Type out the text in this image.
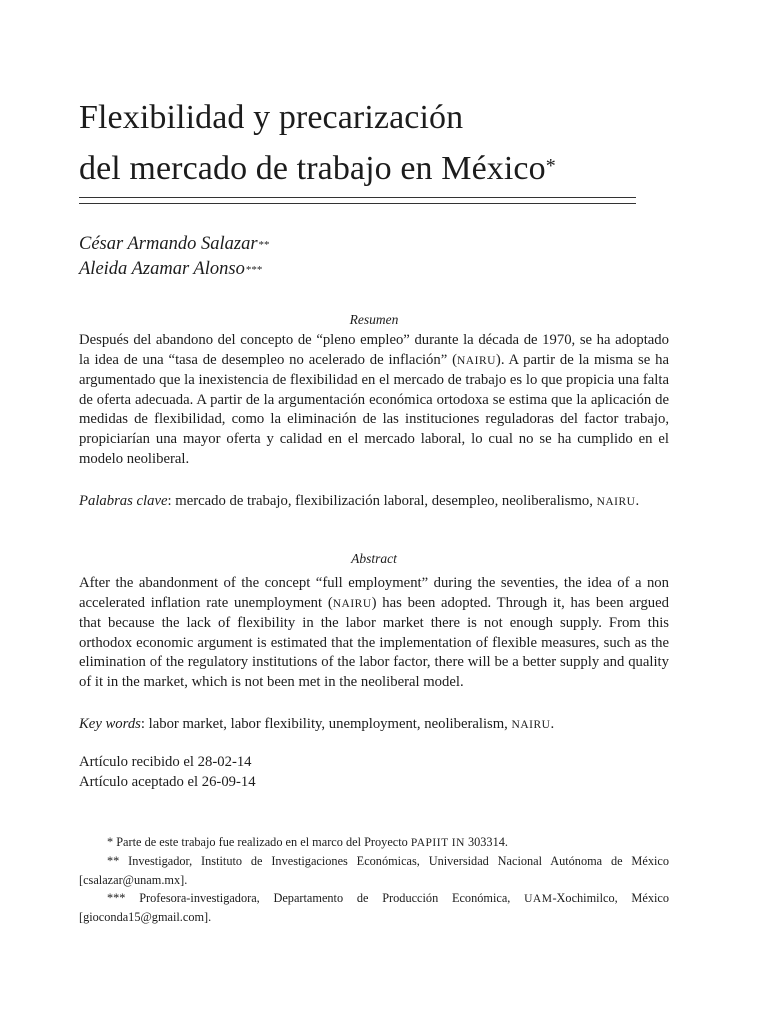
Flexibilidad y precarización
del mercado de trabajo en México*
César Armando Salazar**
Aleida Azamar Alonso***
Resumen

Después del abandono del concepto de “pleno empleo” durante la década de 1970, se ha adoptado la idea de una “tasa de desempleo no acelerado de inflación” (NAIRU). A partir de la misma se ha argumentado que la inexistencia de flexibilidad en el mercado de trabajo es lo que propicia una falta de oferta adecuada. A partir de la argumentación económica ortodoxa se estima que la aplicación de medidas de flexibilidad, como la eliminación de las instituciones reguladoras del factor trabajo, propiciarían una mayor oferta y calidad en el mercado laboral, lo cual no se ha cumplido en el modelo neoliberal.

Palabras clave: mercado de trabajo, flexibilización laboral, desempleo, neoliberalismo, NAIRU.

Abstract

After the abandonment of the concept “full employment” during the seventies, the idea of a non accelerated inflation rate unemployment (NAIRU) has been adopted. Through it, has been argued that because the lack of flexibility in the labor market there is not enough supply. From this orthodox economic argument is estimated that the implementation of flexible measures, such as the elimination of the regulatory institutions of the labor factor, there will be a better supply and quality of it in the market, which is not been met in the neoliberal model.

Key words: labor market, labor flexibility, unemployment, neoliberalism, NAIRU.

Artículo recibido el 28-02-14
Artículo aceptado el 26-09-14

* Parte de este trabajo fue realizado en el marco del Proyecto PAPIIT IN 303314.

** Investigador, Instituto de Investigaciones Económicas, Universidad Nacional Autónoma de México [csalazar@unam.mx].

*** Profesora-investigadora, Departamento de Producción Económica, UAM-Xochimilco, México [gioconda15@gmail.com].
